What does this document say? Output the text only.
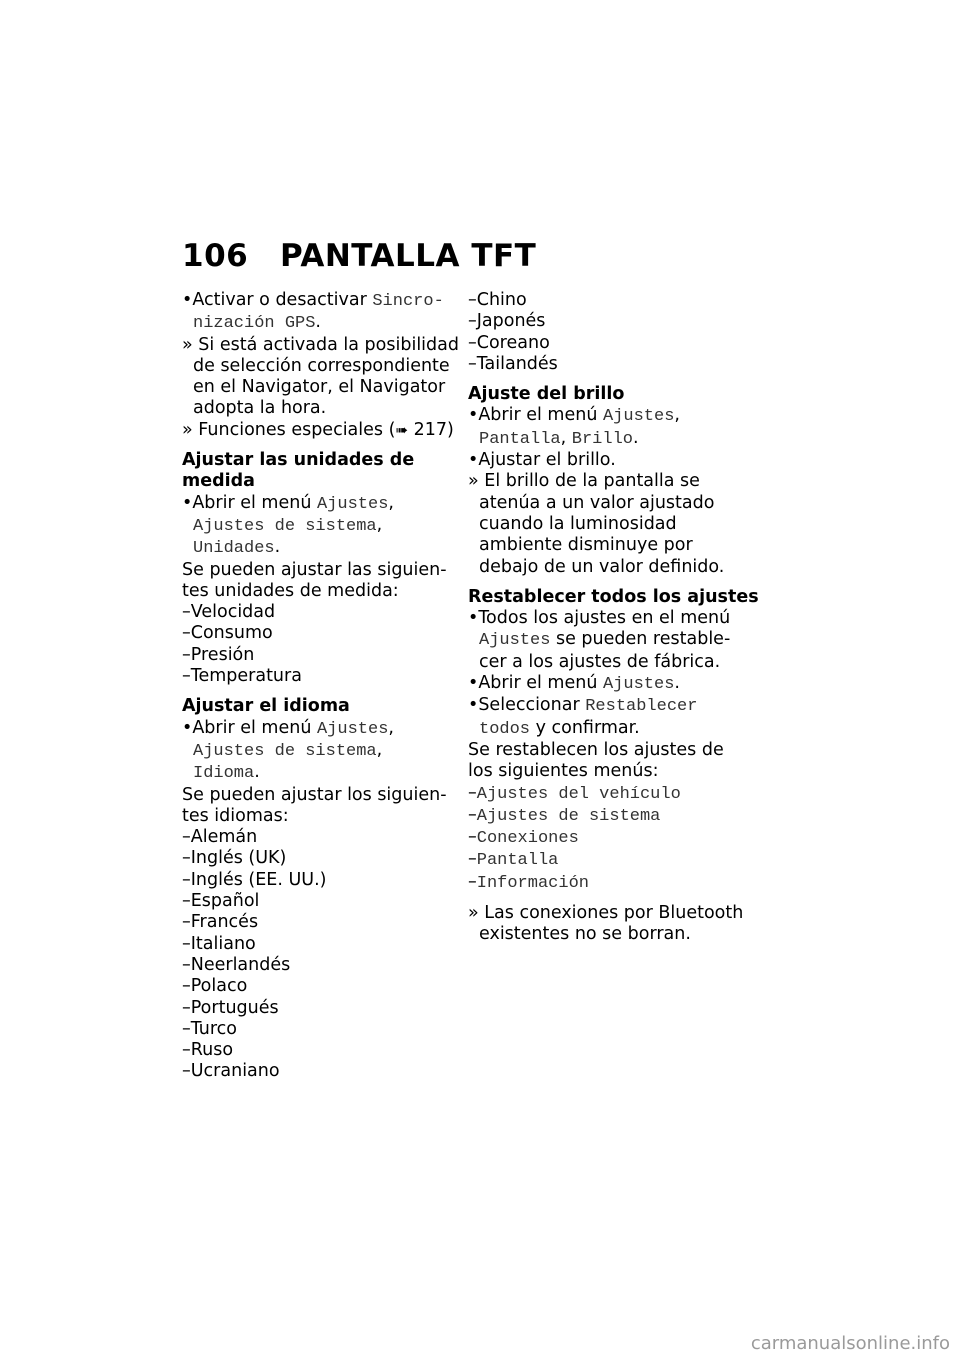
106 PANTALLA TFT
•Activar o desactivar Sincro-
nización GPS.
» Si está activada la posibilidad
de selección correspondiente
en el Navigator, el Navigator
adopta la hora.
» Funciones especiales (➠ 217)
Ajustar las unidades de
medida
•Abrir el menú Ajustes,
Ajustes de sistema,
Unidades.
Se pueden ajustar las siguien-
tes unidades de medida:
–Velocidad
–Consumo
–Presión
–Temperatura
Ajustar el idioma
•Abrir el menú Ajustes,
Ajustes de sistema,
Idioma.
Se pueden ajustar los siguien-
tes idiomas:
–Alemán
–Inglés (UK)
–Inglés (EE. UU.)
–Español
–Francés
–Italiano
–Neerlandés
–Polaco
–Portugués
–Turco
–Ruso
–Ucraniano
–Chino
–Japonés
–Coreano
–Tailandés
Ajuste del brillo
•Abrir el menú Ajustes,
Pantalla, Brillo.
•Ajustar el brillo.
» El brillo de la pantalla se
atenúa a un valor ajustado
cuando la luminosidad
ambiente disminuye por
debajo de un valor definido.
Restablecer todos los ajustes
•Todos los ajustes en el menú
Ajustes se pueden restable-
cer a los ajustes de fábrica.
•Abrir el menú Ajustes.
•Seleccionar Restablecer
todos y confirmar.
Se restablecen los ajustes de
los siguientes menús:
–Ajustes del vehículo
–Ajustes de sistema
–Conexiones
–Pantalla
–Información
» Las conexiones por Bluetooth
existentes no se borran.
carmanualsonline.info
